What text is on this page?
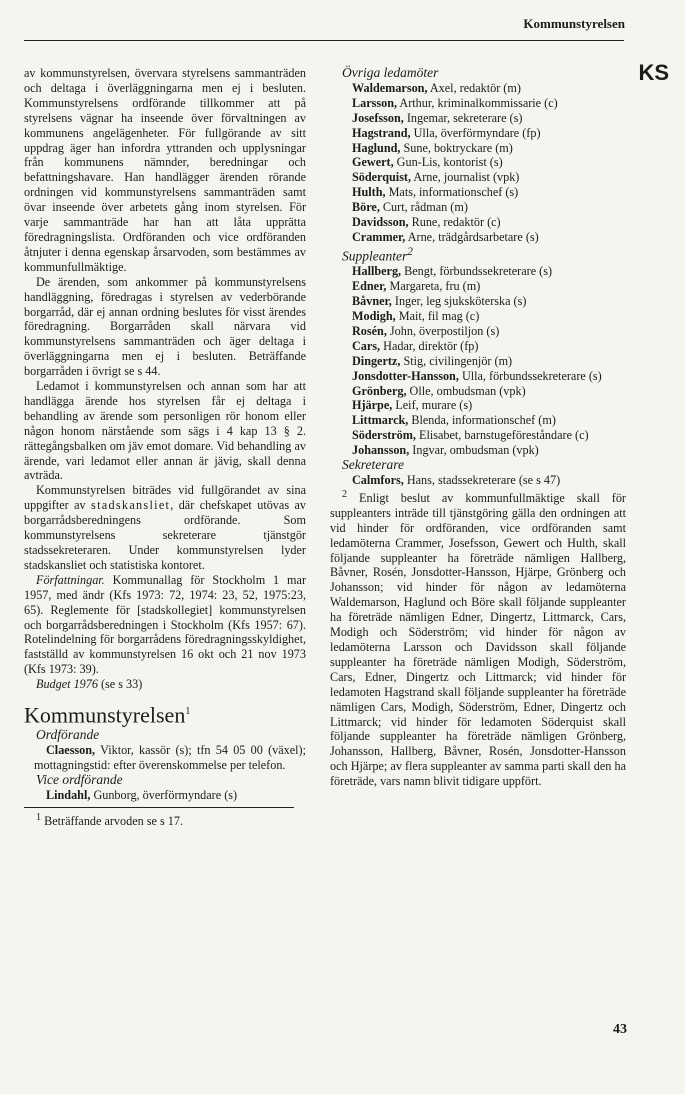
Kommunstyrelsen
KS

av kommunstyrelsen, övervara styrelsens sammanträden och deltaga i överläggningarna men ej i besluten. Kommunstyrelsens ordförande tillkommer att på styrelsens vägnar ha inseende över förvaltningen av kommunens angelägenheter. För fullgörande av sitt uppdrag äger han infordra yttranden och upplysningar från kommunens nämnder, beredningar och befattningshavare. Han handlägger ärenden rörande ordningen vid kommunstyrelsens sammanträden samt övar inseende över arbetets gång inom styrelsen. För varje sammanträde har han att låta upprätta föredragningslista. Ordföranden och vice ordföranden åtnjuter i denna egenskap årsarvoden, som bestämmes av kommunfullmäktige.

De ärenden, som ankommer på kommunstyrelsens handläggning, föredragas i styrelsen av vederbörande borgarråd, där ej annan ordning beslutes för visst ärendes föredragning. Borgarråden skall närvara vid kommunstyrelsens sammanträden och äger deltaga i överläggningarna men ej i besluten. Beträffande borgarråden i övrigt se s 44.

Ledamot i kommunstyrelsen och annan som har att handlägga ärende hos styrelsen får ej deltaga i behandling av ärende som personligen rör honom eller någon honom närstående som sägs i 4 kap 13 § 2. rättegångsbalken om jäv emot domare. Vid behandling av ärende, vari ledamot eller annan är jävig, skall denna avträda.

Kommunstyrelsen biträdes vid fullgörandet av sina uppgifter av stadskansliet, där chefskapet utövas av borgarrådsberedningens ordförande. Som kommunstyrelsens sekreterare tjänstgör stadssekreteraren. Under kommunstyrelsen lyder stadskansliet och statistiska kontoret.

Författningar. Kommunallag för Stockholm 1 mar 1957, med ändr (Kfs 1973: 72, 1974: 23, 52, 1975:23, 65). Reglemente för [stadskollegiet] kommunstyrelsen och borgarrådsberedningen i Stockholm (Kfs 1957: 67). Rotelindelning för borgarrådens föredragningsskyldighet, fastställd av kommunstyrelsen 16 okt och 21 nov 1973 (Kfs 1973: 39).

Budget 1976 (se s 33)

Kommunstyrelsen$^1$

Ordförande

Claesson, Viktor, kassör (s); tfn 54 05 00 (växel); mottagningstid: efter överenskommelse per telefon.

Vice ordförande

Lindahl, Gunborg, överförmyndare (s)

$^1$ Beträffande arvoden se s 17.

Övriga ledamöter

Waldemarson, Axel, redaktör (m)

Larsson, Arthur, kriminalkommissarie (c)

Josefsson, Ingemar, sekreterare (s)

Hagstrand, Ulla, överförmyndare (fp)

Haglund, Sune, boktryckare (m)

Gewert, Gun-Lis, kontorist (s)

Söderquist, Arne, journalist (vpk)

Hulth, Mats, informationschef (s)

Böre, Curt, rådman (m)

Davidsson, Rune, redaktör (c)

Crammer, Arne, trädgårdsarbetare (s)

Suppleanter$^2$

Hallberg, Bengt, förbundssekreterare (s)

Edner, Margareta, fru (m)

Båvner, Inger, leg sjuksköterska (s)

Modigh, Mait, fil mag (c)

Rosén, John, överpostiljon (s)

Cars, Hadar, direktör (fp)

Dingertz, Stig, civilingenjör (m)

Jonsdotter-Hansson, Ulla, förbundssekreterare (s)

Grönberg, Olle, ombudsman (vpk)

Hjärpe, Leif, murare (s)

Littmarck, Blenda, informationschef (m)

Söderström, Elisabet, barnstugeföreståndare (c)

Johansson, Ingvar, ombudsman (vpk)

Sekreterare

Calmfors, Hans, stadssekreterare (se s 47)

$^2$ Enligt beslut av kommunfullmäktige skall för suppleanters inträde till tjänstgöring gälla den ordningen att vid hinder för ordföranden, vice ordföranden samt ledamöterna Crammer, Josefsson, Gewert och Hulth, skall följande suppleanter ha företräde nämligen Hallberg, Båvner, Rosén, Jonsdotter-Hansson, Hjärpe, Grönberg och Johansson; vid hinder för någon av ledamöterna Waldemarson, Haglund och Böre skall följande suppleanter ha företräde nämligen Edner, Dingertz, Littmarck, Cars, Modigh och Söderström; vid hinder för någon av ledamöterna Larsson och Davidsson skall följande suppleanter ha företräde nämligen Modigh, Söderström, Cars, Edner, Dingertz och Littmarck; vid hinder för ledamoten Hagstrand skall följande suppleanter ha företräde nämligen Cars, Modigh, Söderström, Edner, Dingertz och Littmarck; vid hinder för ledamoten Söderquist skall följande suppleanter ha företräde nämligen Grönberg, Johansson, Hallberg, Båvner, Rosén, Jonsdotter-Hansson och Hjärpe; av flera suppleanter av samma parti skall den ha företräde, vars namn blivit tidigare uppfört.

43
